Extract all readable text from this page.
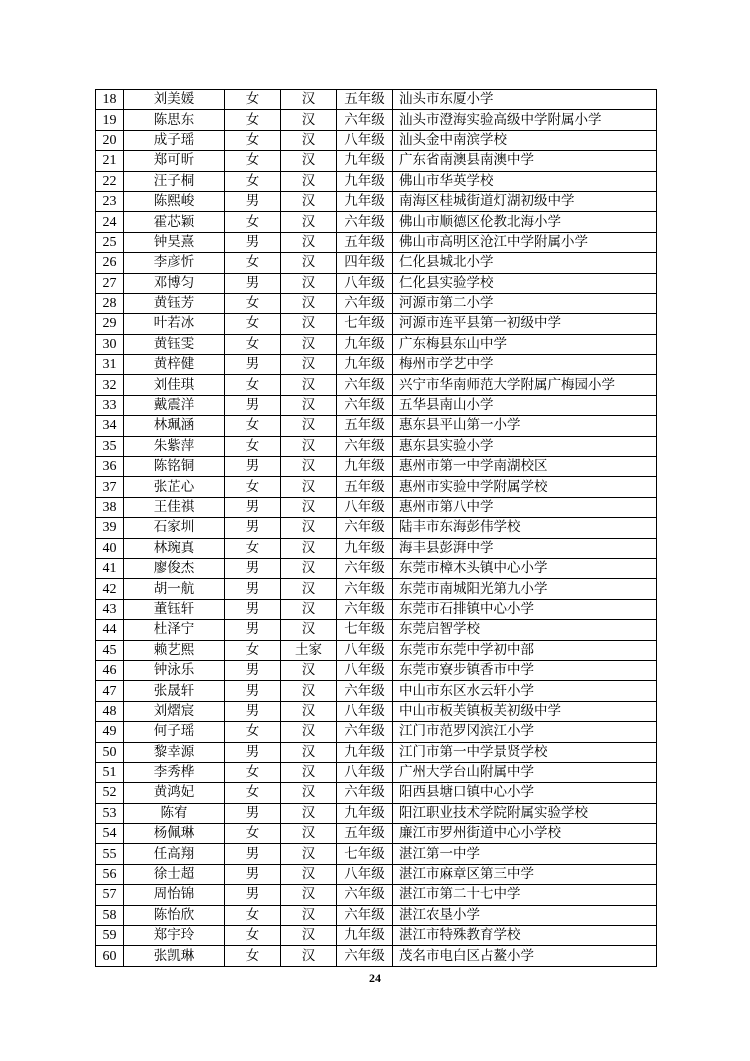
18	刘美媛	女	汉	五年级	汕头市东厦小学
19	陈思东	女	汉	六年级	汕头市澄海实验高级中学附属小学
20	成子瑶	女	汉	八年级	汕头金中南滨学校
21	郑可昕	女	汉	九年级	广东省南澳县南澳中学
22	汪子桐	女	汉	九年级	佛山市华英学校
23	陈熙峻	男	汉	九年级	南海区桂城街道灯湖初级中学
24	霍芯颖	女	汉	六年级	佛山市顺德区伦教北海小学
25	钟昊熹	男	汉	五年级	佛山市高明区沧江中学附属小学
26	李彦忻	女	汉	四年级	仁化县城北小学
27	邓博匀	男	汉	八年级	仁化县实验学校
28	黄钰芳	女	汉	六年级	河源市第二小学
29	叶若冰	女	汉	七年级	河源市连平县第一初级中学
30	黄钰雯	女	汉	九年级	广东梅县东山中学
31	黄梓健	男	汉	九年级	梅州市学艺中学
32	刘佳琪	女	汉	六年级	兴宁市华南师范大学附属广梅园小学
33	戴震洋	男	汉	六年级	五华县南山小学
34	林珮涵	女	汉	五年级	惠东县平山第一小学
35	朱紫萍	女	汉	六年级	惠东县实验小学
36	陈铭铜	男	汉	九年级	惠州市第一中学南湖校区
37	张芷心	女	汉	五年级	惠州市实验中学附属学校
38	王佳祺	男	汉	八年级	惠州市第八中学
39	石家圳	男	汉	六年级	陆丰市东海彭伟学校
40	林琬真	女	汉	九年级	海丰县彭湃中学
41	廖俊杰	男	汉	六年级	东莞市樟木头镇中心小学
42	胡一航	男	汉	六年级	东莞市南城阳光第九小学
43	董钰轩	男	汉	六年级	东莞市石排镇中心小学
44	杜泽宁	男	汉	七年级	东莞启智学校
45	赖艺熙	女	土家	八年级	东莞市东莞中学初中部
46	钟泳乐	男	汉	八年级	东莞市寮步镇香市中学
47	张晟轩	男	汉	六年级	中山市东区水云轩小学
48	刘熠宸	男	汉	八年级	中山市板芙镇板芙初级中学
49	何子瑶	女	汉	六年级	江门市范罗冈滨江小学
50	黎幸源	男	汉	九年级	江门市第一中学景贤学校
51	李秀桦	女	汉	八年级	广州大学台山附属中学
52	黄鸿妃	女	汉	六年级	阳西县塘口镇中心小学
53	陈宥	男	汉	九年级	阳江职业技术学院附属实验学校
54	杨佩琳	女	汉	五年级	廉江市罗州街道中心小学校
55	任高翔	男	汉	七年级	湛江第一中学
56	徐士超	男	汉	八年级	湛江市麻章区第三中学
57	周怡锦	男	汉	六年级	湛江市第二十七中学
58	陈怡欣	女	汉	六年级	湛江农垦小学
59	郑宇玲	女	汉	九年级	湛江市特殊教育学校
60	张凯琳	女	汉	六年级	茂名市电白区占鳌小学
24
